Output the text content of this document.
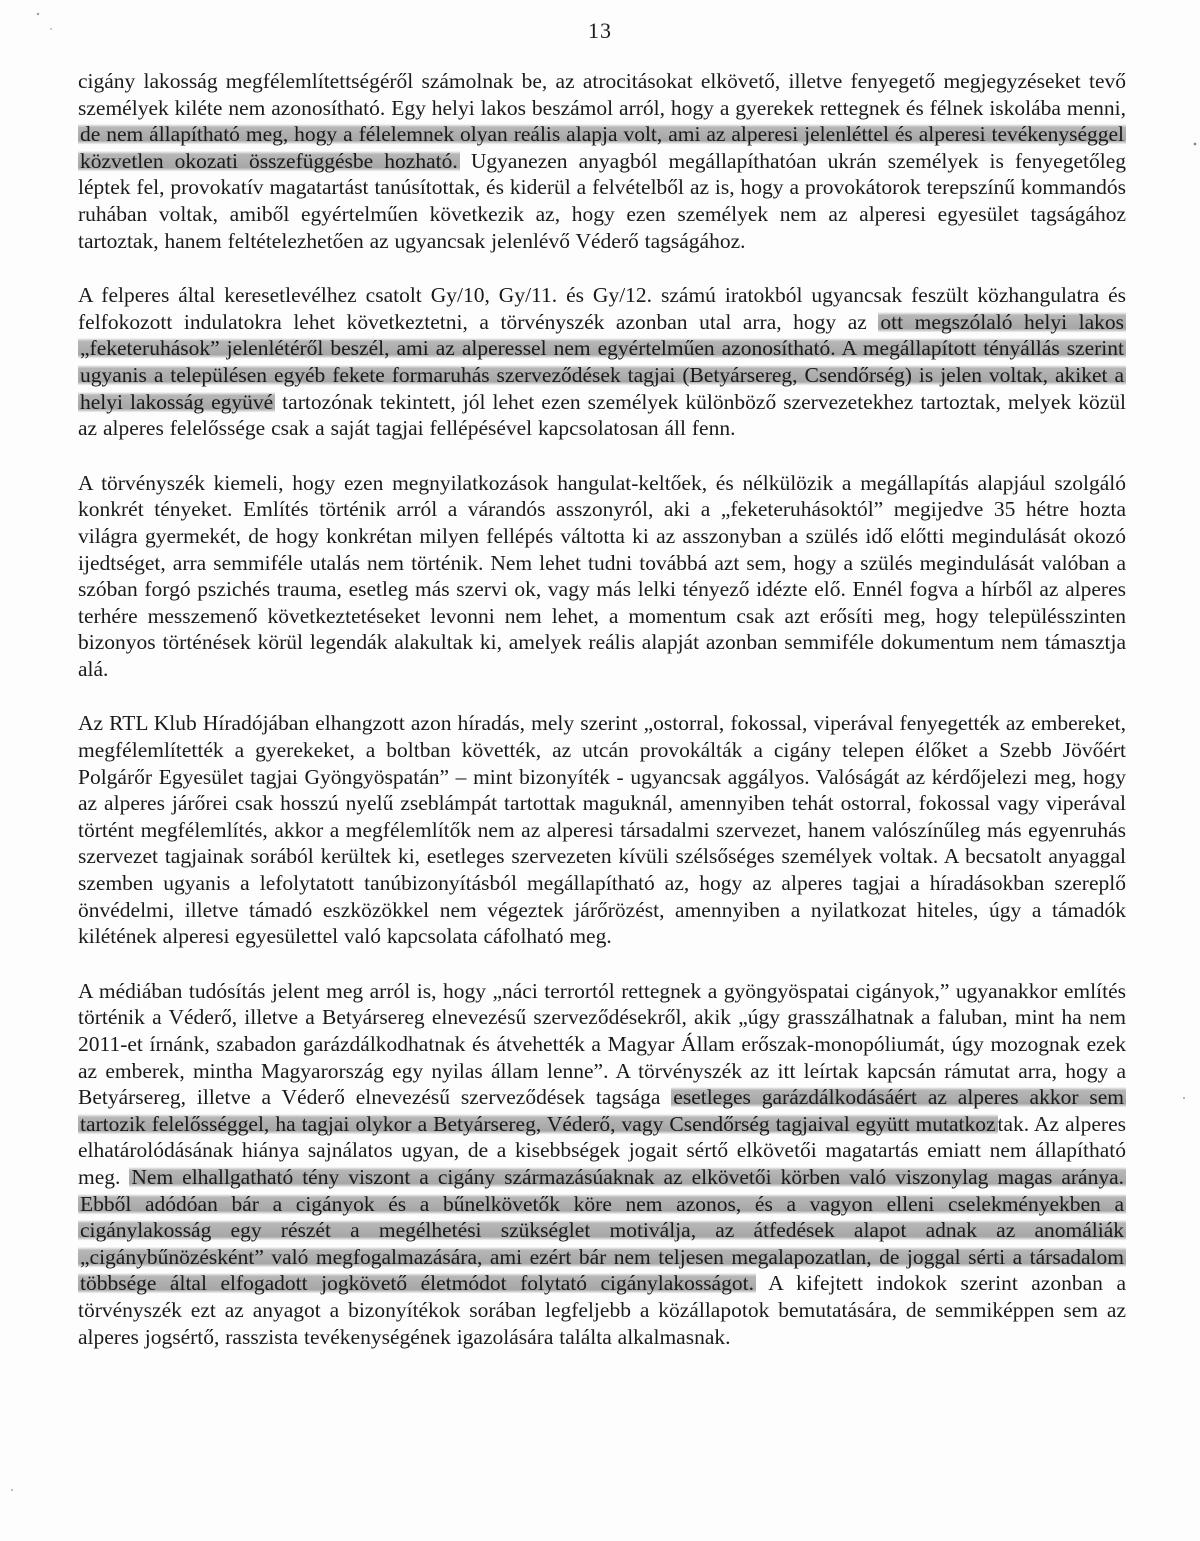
13

cigány lakosság megfélemlítettségéről számolnak be, az atrocitásokat elkövető, illetve fenyegető megjegyzéseket tevő személyek kiléte nem azonosítható. Egy helyi lakos beszámol arról, hogy a gyerekek rettegnek és félnek iskolába menni, de nem állapítható meg, hogy a félelemnek olyan reális alapja volt, ami az alperesi jelenléttel és alperesi tevékenységgel közvetlen okozati összefüggésbe hozható. Ugyanezen anyagból megállapíthatóan ukrán személyek is fenyegetőleg léptek fel, provokatív magatartást tanúsítottak, és kiderül a felvételből az is, hogy a provokátorok terepszínű kommandós ruhában voltak, amiből egyértelműen következik az, hogy ezen személyek nem az alperesi egyesület tagságához tartoztak, hanem feltételezhetően az ugyancsak jelenlévő Véderő tagságához.

A felperes által keresetlevélhez csatolt Gy/10, Gy/11. és Gy/12. számú iratokból ugyancsak feszült közhangulatra és felfokozott indulatokra lehet következtetni, a törvényszék azonban utal arra, hogy az ott megszólaló helyi lakos „feketeruhások” jelenlétéről beszél, ami az alperessel nem egyértelműen azonosítható. A megállapított tényállás szerint ugyanis a településen egyéb fekete formaruhás szerveződések tagjai (Betyársereg, Csendőrség) is jelen voltak, akiket a helyi lakosság együvé tartozónak tekintett, jól lehet ezen személyek különböző szervezetekhez tartoztak, melyek közül az alperes felelőssége csak a saját tagjai fellépésével kapcsolatosan áll fenn.

A törvényszék kiemeli, hogy ezen megnyilatkozások hangulat-keltőek, és nélkülözik a megállapítás alapjául szolgáló konkrét tényeket. Említés történik arról a várandós asszonyról, aki a „feketeruhásoktól” megijedve 35 hétre hozta világra gyermekét, de hogy konkrétan milyen fellépés váltotta ki az asszonyban a szülés idő előtti megindulását okozó ijedtséget, arra semmiféle utalás nem történik. Nem lehet tudni továbbá azt sem, hogy a szülés megindulását valóban a szóban forgó pszichés trauma, esetleg más szervi ok, vagy más lelki tényező idézte elő. Ennél fogva a hírből az alperes terhére messzemenő következtetéseket levonni nem lehet, a momentum csak azt erősíti meg, hogy településszinten bizonyos történések körül legendák alakultak ki, amelyek reális alapját azonban semmiféle dokumentum nem támasztja alá.

Az RTL Klub Híradójában elhangzott azon híradás, mely szerint „ostorral, fokossal, viperával fenyegették az embereket, megfélemlítették a gyerekeket, a boltban követték, az utcán provokálták a cigány telepen élőket a Szebb Jövőért Polgárőr Egyesület tagjai Gyöngyöspatán” – mint bizonyíték - ugyancsak aggályos. Valóságát az kérdőjelezi meg, hogy az alperes járőrei csak hosszú nyelű zseblámpát tartottak maguknál, amennyiben tehát ostorral, fokossal vagy viperával történt megfélemlítés, akkor a megfélemlítők nem az alperesi társadalmi szervezet, hanem valószínűleg más egyenruhás szervezet tagjainak sorából kerültek ki, esetleges szervezeten kívüli szélsőséges személyek voltak. A becsatolt anyaggal szemben ugyanis a lefolytatott tanúbizonyításból megállapítható az, hogy az alperes tagjai a híradásokban szereplő önvédelmi, illetve támadó eszközökkel nem végeztek járőrözést, amennyiben a nyilatkozat hiteles, úgy a támadók kilétének alperesi egyesülettel való kapcsolata cáfolható meg.

A médiában tudósítás jelent meg arról is, hogy „náci terrortól rettegnek a gyöngyöspatai cigányok,” ugyanakkor említés történik a Véderő, illetve a Betyársereg elnevezésű szerveződésekről, akik „úgy grasszálhatnak a faluban, mint ha nem 2011-et írnánk, szabadon garázdálkodhatnak és átvehették a Magyar Állam erőszak-monopóliumát, úgy mozognak ezek az emberek, mintha Magyarország egy nyilas állam lenne”. A törvényszék az itt leírtak kapcsán rámutat arra, hogy a Betyársereg, illetve a Véderő elnevezésű szerveződések tagsága esetleges garázdálkodásáért az alperes akkor sem tartozik felelősséggel, ha tagjai olykor a Betyársereg, Véderő, vagy Csendőrség tagjaival együtt mutatkoztak. Az alperes elhatárolódásának hiánya sajnálatos ugyan, de a kisebbségek jogait sértő elkövetői magatartás emiatt nem állapítható meg. Nem elhallgatható tény viszont a cigány származásúaknak az elkövetői körben való viszonylag magas aránya. Ebből adódóan bár a cigányok és a bűnelkövetők köre nem azonos, és a vagyon elleni cselekményekben a cigánylakosság egy részét a megélhetési szükséglet motiválja, az átfedések alapot adnak az anomáliák „cigánybűnözésként” való megfogalmazására, ami ezért bár nem teljesen megalapozatlan, de joggal sérti a társadalom többsége által elfogadott jogkövető életmódot folytató cigánylakosságot. A kifejtett indokok szerint azonban a törvényszék ezt az anyagot a bizonyítékok sorában legfeljebb a közállapotok bemutatására, de semmiképpen sem az alperes jogsértő, rasszista tevékenységének igazolására találta alkalmasnak.
